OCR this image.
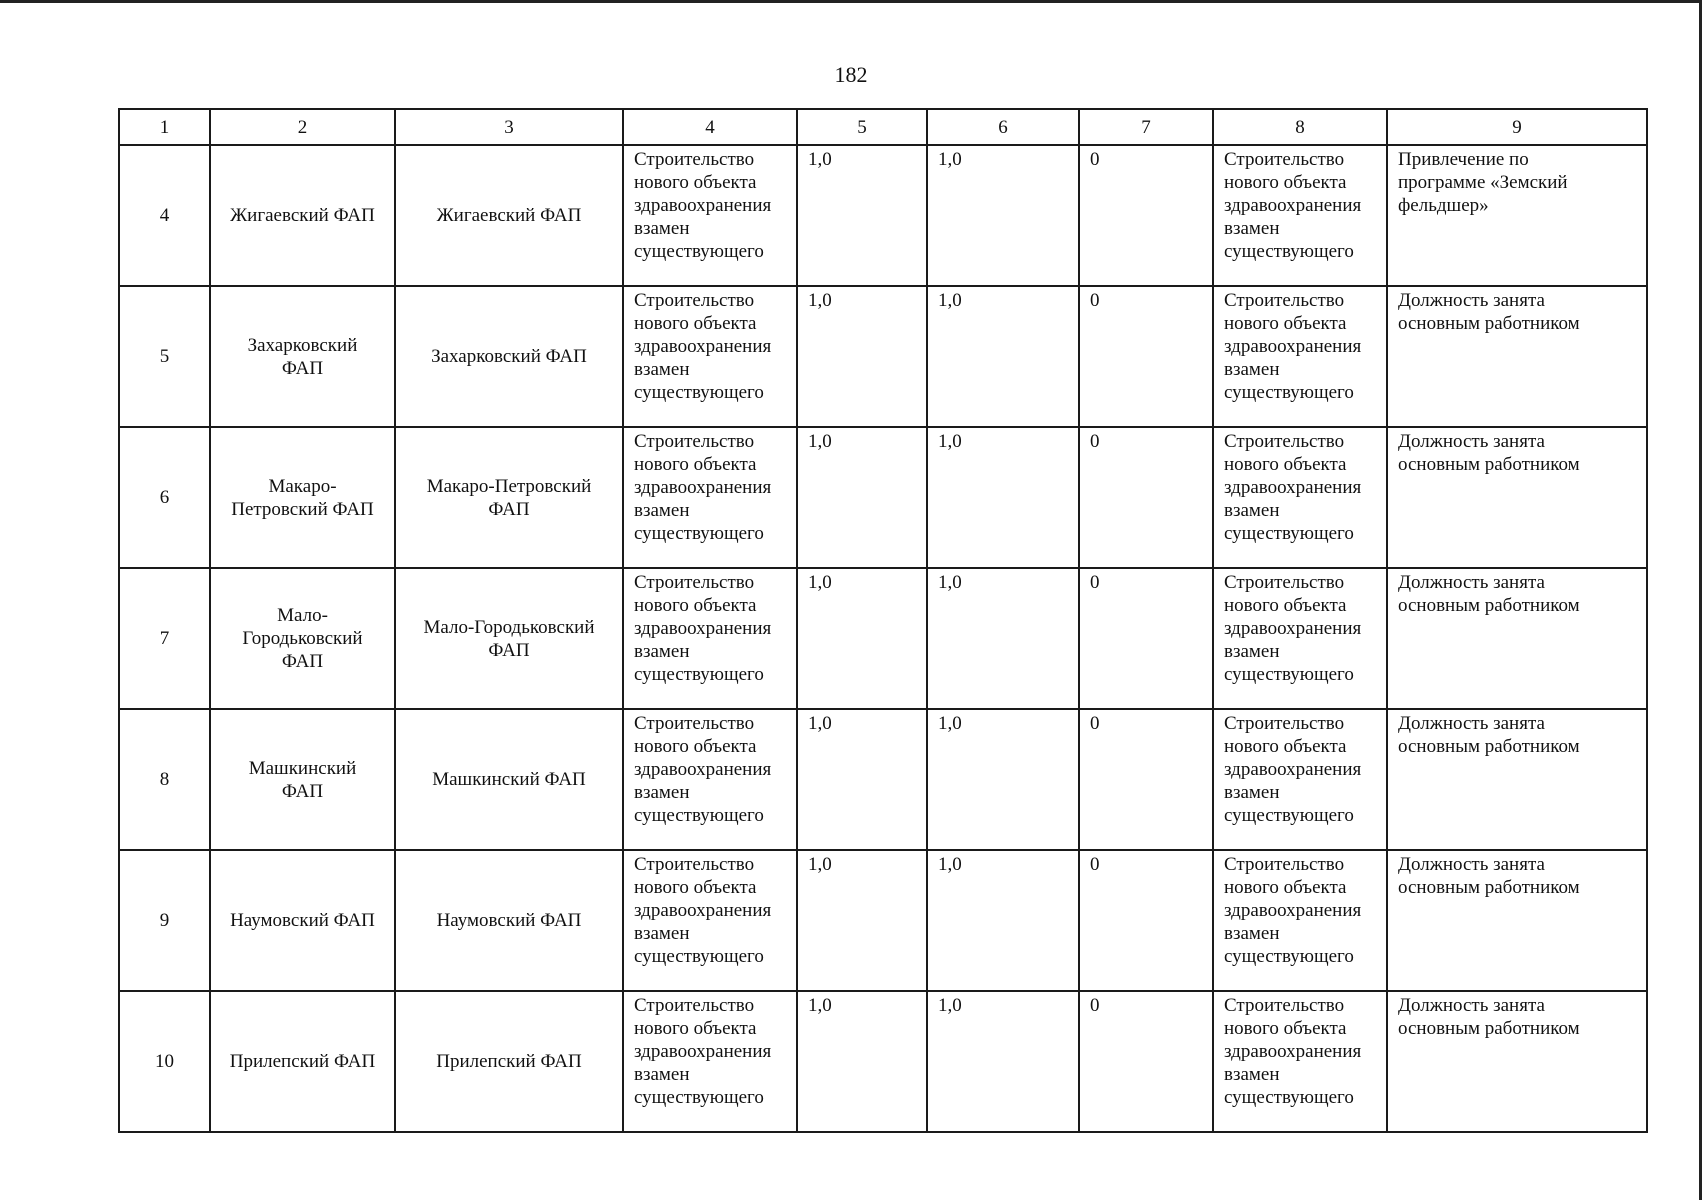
182
1	2	3	4	5	6	7	8	9
4	Жигаевский ФАП	Жигаевский ФАП	Строительство
нового объекта
здравоохранения
взамен
существующего	1,0	1,0	0	Строительство
нового объекта
здравоохранения
взамен
существующего	Привлечение по
программе «Земский
фельдшер»
5	Захарковский
ФАП	Захарковский ФАП	Строительство
нового объекта
здравоохранения
взамен
существующего	1,0	1,0	0	Строительство
нового объекта
здравоохранения
взамен
существующего	Должность занята
основным работником
6	Макаро-
Петровский ФАП	Макаро-Петровский
ФАП	Строительство
нового объекта
здравоохранения
взамен
существующего	1,0	1,0	0	Строительство
нового объекта
здравоохранения
взамен
существующего	Должность занята
основным работником
7	Мало-
Городьковский
ФАП	Мало-Городьковский
ФАП	Строительство
нового объекта
здравоохранения
взамен
существующего	1,0	1,0	0	Строительство
нового объекта
здравоохранения
взамен
существующего	Должность занята
основным работником
8	Машкинский
ФАП	Машкинский ФАП	Строительство
нового объекта
здравоохранения
взамен
существующего	1,0	1,0	0	Строительство
нового объекта
здравоохранения
взамен
существующего	Должность занята
основным работником
9	Наумовский ФАП	Наумовский ФАП	Строительство
нового объекта
здравоохранения
взамен
существующего	1,0	1,0	0	Строительство
нового объекта
здравоохранения
взамен
существующего	Должность занята
основным работником
10	Прилепский ФАП	Прилепский ФАП	Строительство
нового объекта
здравоохранения
взамен
существующего	1,0	1,0	0	Строительство
нового объекта
здравоохранения
взамен
существующего	Должность занята
основным работником
